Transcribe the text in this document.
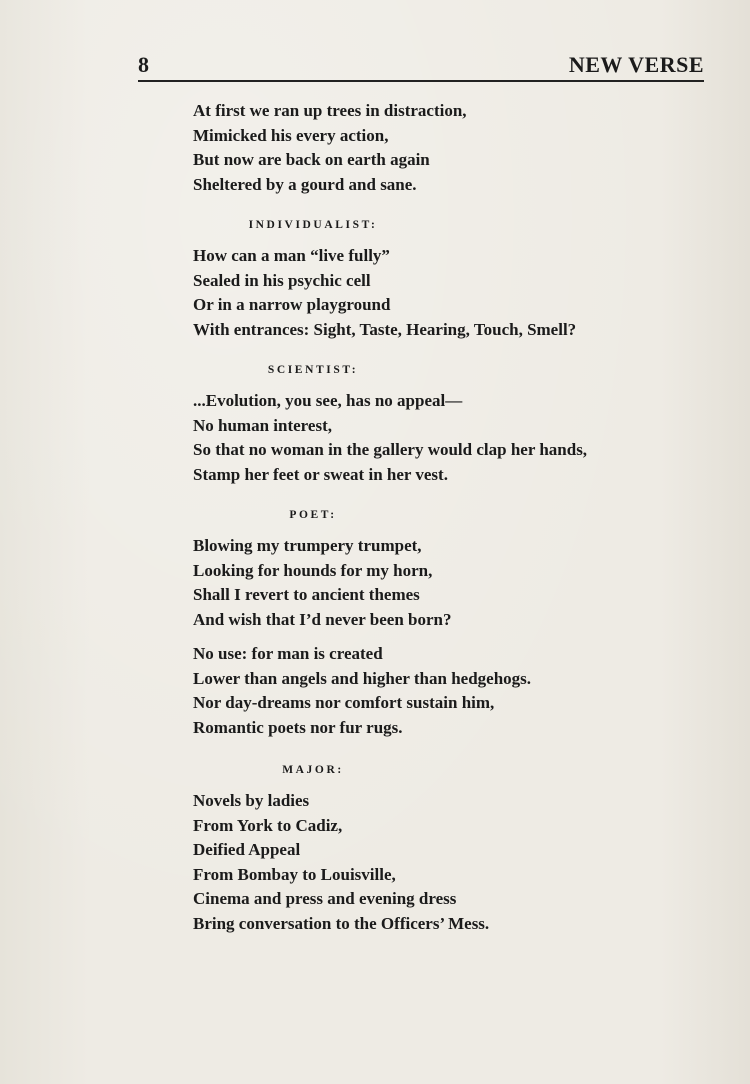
8	NEW VERSE
At first we ran up trees in distraction,
Mimicked his every action,
But now are back on earth again
Sheltered by a gourd and sane.
INDIVIDUALIST:
How can a man “live fully”
Sealed in his psychic cell
Or in a narrow playground
With entrances: Sight, Taste, Hearing, Touch, Smell?
SCIENTIST:
...Evolution, you see, has no appeal—
No human interest,
So that no woman in the gallery would clap her hands,
Stamp her feet or sweat in her vest.
POET:
Blowing my trumpery trumpet,
Looking for hounds for my horn,
Shall I revert to ancient themes
And wish that I’d never been born?
No use: for man is created
Lower than angels and higher than hedgehogs.
Nor day-dreams nor comfort sustain him,
Romantic poets nor fur rugs.
MAJOR:
Novels by ladies
From York to Cadiz,
Deified Appeal
From Bombay to Louisville,
Cinema and press and evening dress
Bring conversation to the Officers’ Mess.
